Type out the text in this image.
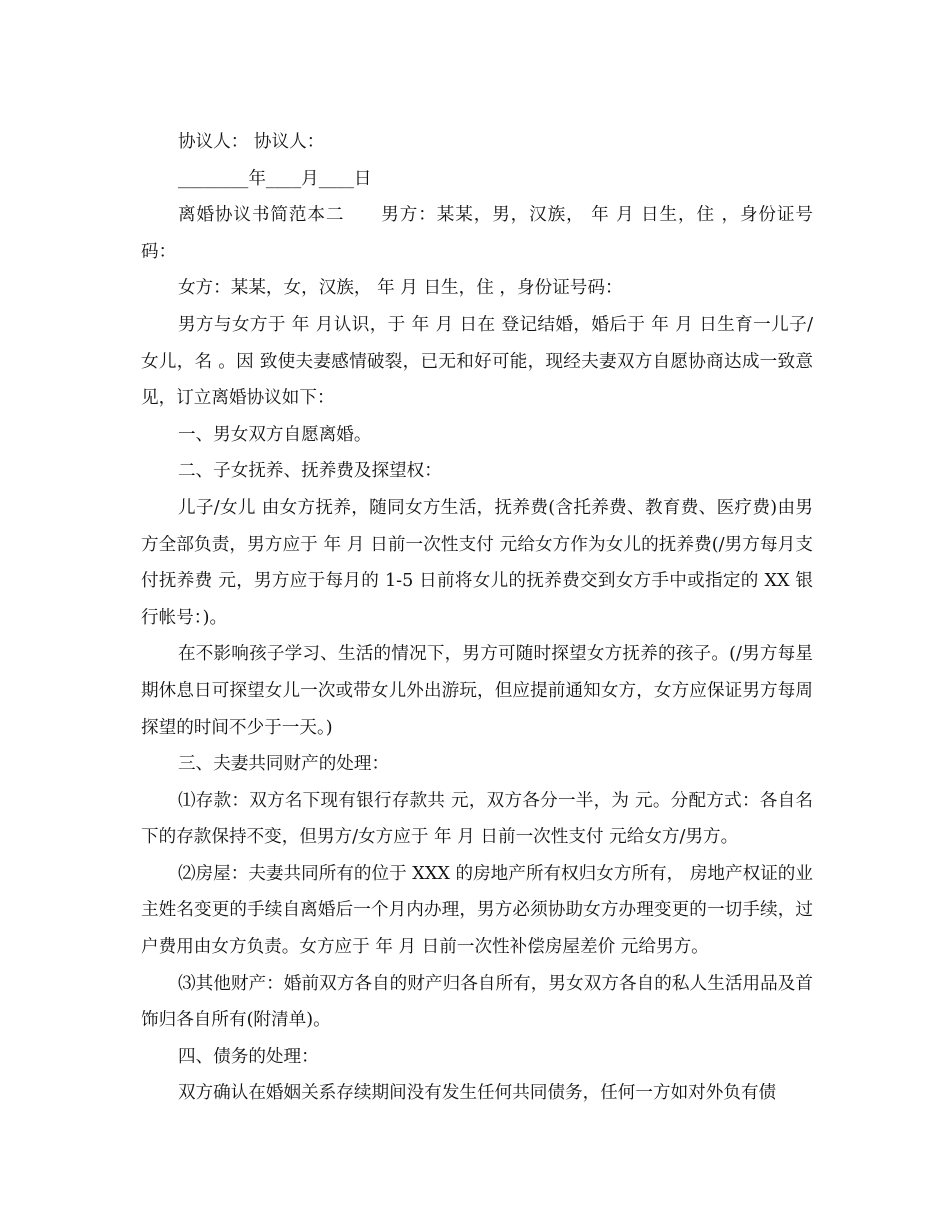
协议人： 协议人：

________年____月____日

离婚协议书简范本二　　男方：某某，男，汉族， 年 月 日生，住 ，身份证号码：

女方：某某，女，汉族， 年 月 日生，住 ，身份证号码：

男方与女方于 年 月认识，于 年 月 日在 登记结婚，婚后于 年 月 日生育一儿子/女儿，名 。因 致使夫妻感情破裂，已无和好可能，现经夫妻双方自愿协商达成一致意见，订立离婚协议如下：

一、男女双方自愿离婚。

二、子女抚养、抚养费及探望权：

儿子/女儿 由女方抚养，随同女方生活，抚养费(含托养费、教育费、医疗费)由男方全部负责，男方应于 年 月 日前一次性支付 元给女方作为女儿的抚养费(/男方每月支付抚养费 元，男方应于每月的 1-5 日前将女儿的抚养费交到女方手中或指定的 XX 银行帐号：)。

在不影响孩子学习、生活的情况下，男方可随时探望女方抚养的孩子。(/男方每星期休息日可探望女儿一次或带女儿外出游玩，但应提前通知女方，女方应保证男方每周探望的时间不少于一天。)

三、夫妻共同财产的处理：

⑴存款：双方名下现有银行存款共 元，双方各分一半，为 元。分配方式：各自名下的存款保持不变，但男方/女方应于 年 月 日前一次性支付 元给女方/男方。

⑵房屋：夫妻共同所有的位于 XXX 的房地产所有权归女方所有， 房地产权证的业主姓名变更的手续自离婚后一个月内办理，男方必须协助女方办理变更的一切手续，过户费用由女方负责。女方应于 年 月 日前一次性补偿房屋差价 元给男方。

⑶其他财产：婚前双方各自的财产归各自所有，男女双方各自的私人生活用品及首饰归各自所有(附清单)。

四、债务的处理：

双方确认在婚姻关系存续期间没有发生任何共同债务，任何一方如对外负有债
